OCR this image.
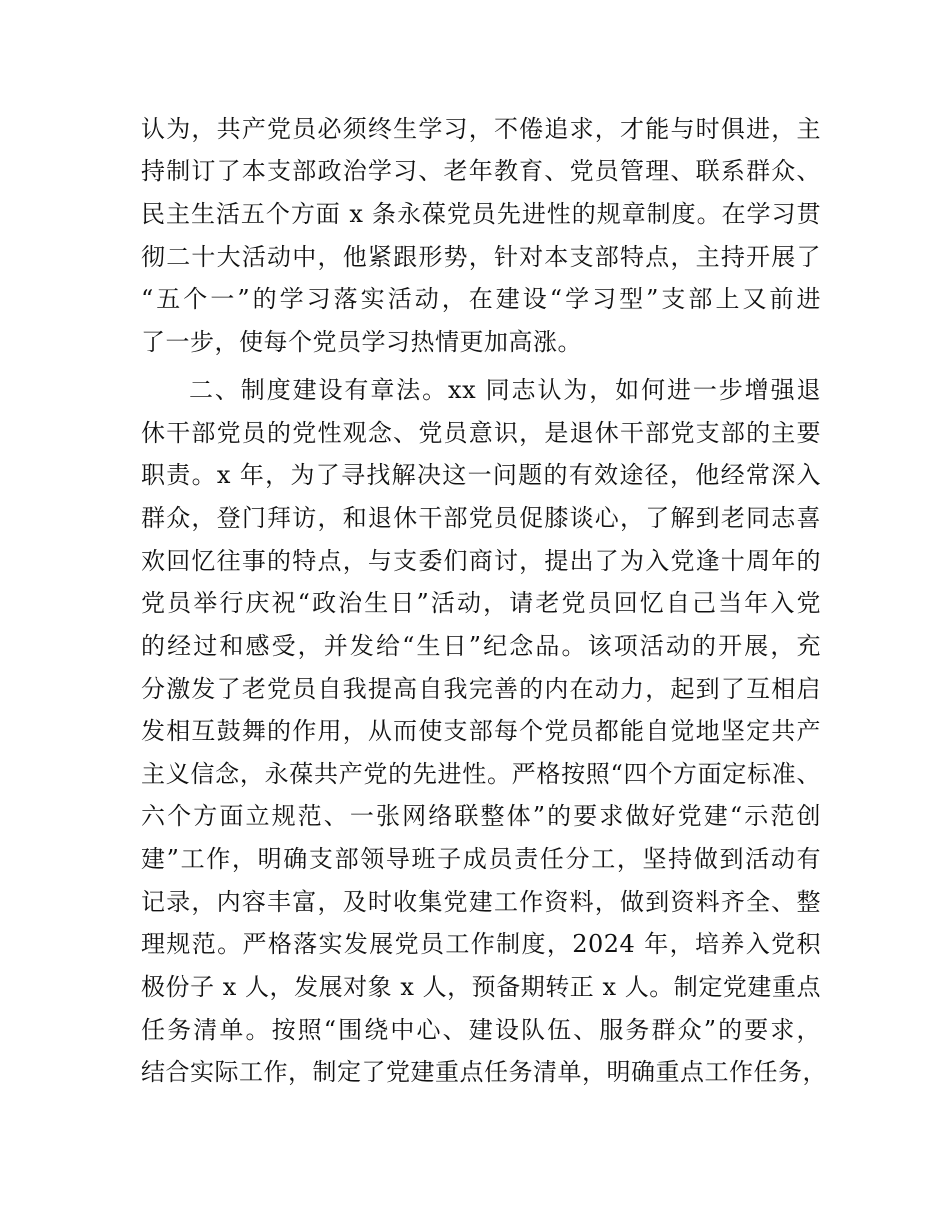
认为，共产党员必须终生学习，不倦追求，才能与时俱进，主
持制订了本支部政治学习、老年教育、党员管理、联系群众、
民主生活五个方面 x 条永葆党员先进性的规章制度。在学习贯
彻二十大活动中，他紧跟形势，针对本支部特点，主持开展了
“五个一”的学习落实活动，在建设“学习型”支部上又前进
了一步，使每个党员学习热情更加高涨。
二、制度建设有章法。xx 同志认为，如何进一步增强退
休干部党员的党性观念、党员意识，是退休干部党支部的主要
职责。x 年，为了寻找解决这一问题的有效途径，他经常深入
群众，登门拜访，和退休干部党员促膝谈心，了解到老同志喜
欢回忆往事的特点，与支委们商讨，提出了为入党逢十周年的
党员举行庆祝“政治生日”活动，请老党员回忆自己当年入党
的经过和感受，并发给“生日”纪念品。该项活动的开展，充
分激发了老党员自我提高自我完善的内在动力，起到了互相启
发相互鼓舞的作用，从而使支部每个党员都能自觉地坚定共产
主义信念，永葆共产党的先进性。严格按照“四个方面定标准、
六个方面立规范、一张网络联整体”的要求做好党建“示范创
建”工作，明确支部领导班子成员责任分工，坚持做到活动有
记录，内容丰富，及时收集党建工作资料，做到资料齐全、整
理规范。严格落实发展党员工作制度，2024 年，培养入党积
极份子 x 人，发展对象 x 人，预备期转正 x 人。制定党建重点
任务清单。按照“围绕中心、建设队伍、服务群众”的要求，
结合实际工作，制定了党建重点任务清单，明确重点工作任务，
